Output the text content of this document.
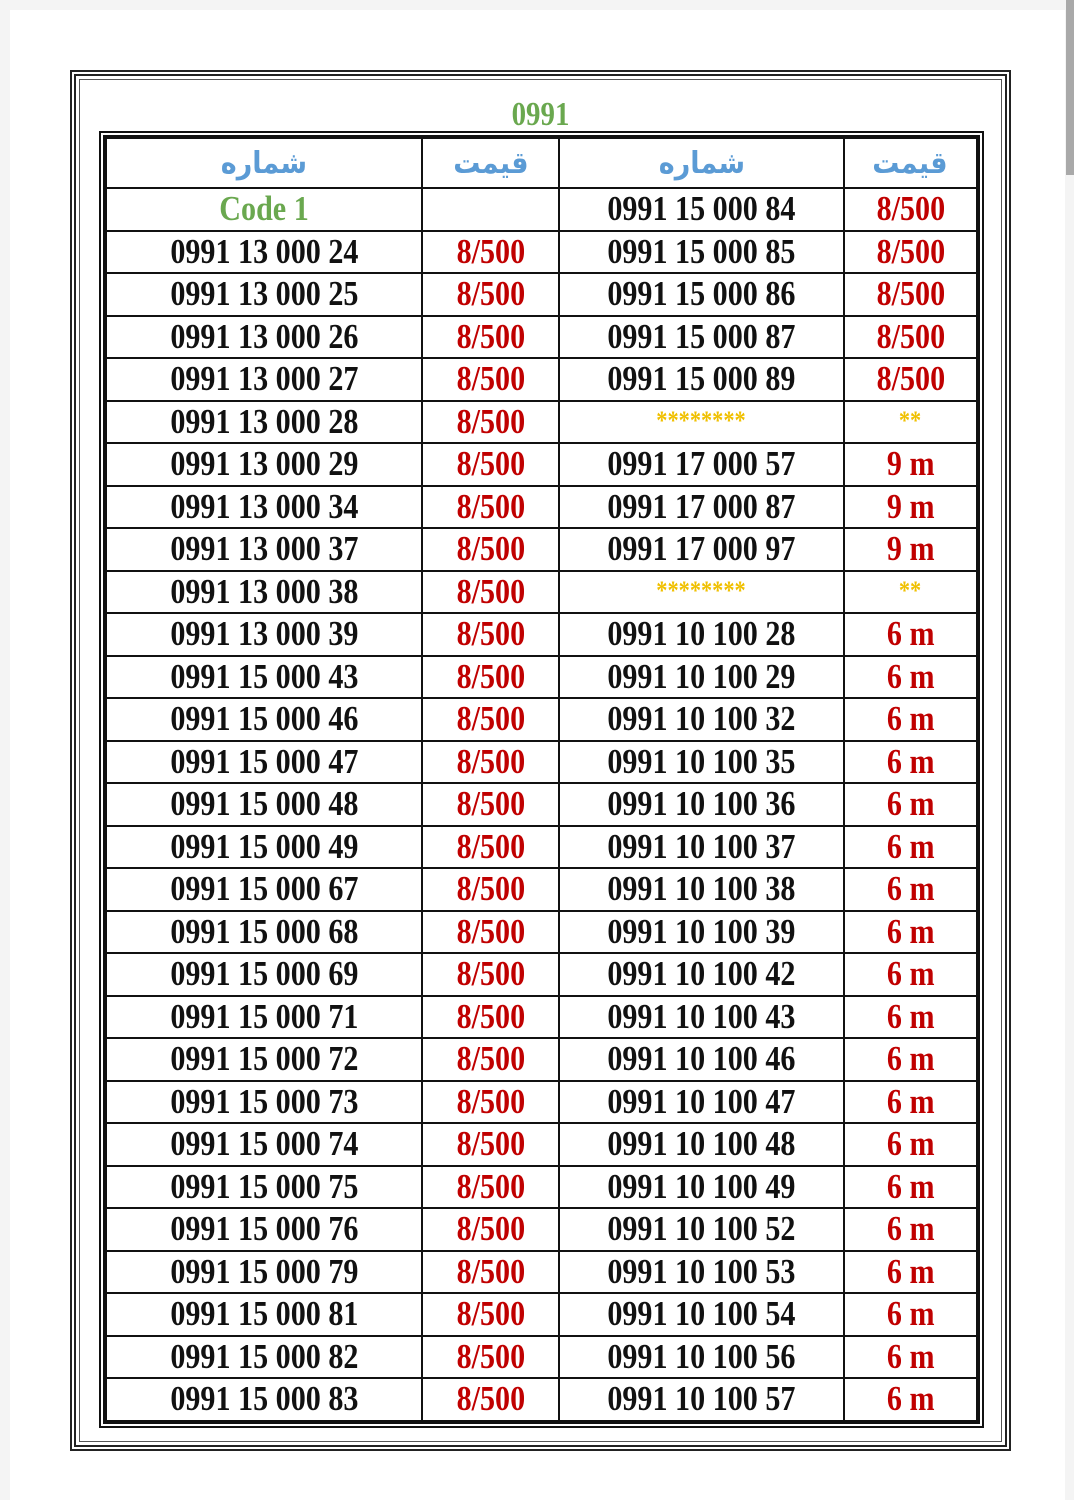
0991
شماره	قيمت	شماره	قيمت
Code 1		0991 15 000 84	8/500
0991 13 000 24	8/500	0991 15 000 85	8/500
0991 13 000 25	8/500	0991 15 000 86	8/500
0991 13 000 26	8/500	0991 15 000 87	8/500
0991 13 000 27	8/500	0991 15 000 89	8/500
0991 13 000 28	8/500	********	**
0991 13 000 29	8/500	0991 17 000 57	9 m
0991 13 000 34	8/500	0991 17 000 87	9 m
0991 13 000 37	8/500	0991 17 000 97	9 m
0991 13 000 38	8/500	********	**
0991 13 000 39	8/500	0991 10 100 28	6 m
0991 15 000 43	8/500	0991 10 100 29	6 m
0991 15 000 46	8/500	0991 10 100 32	6 m
0991 15 000 47	8/500	0991 10 100 35	6 m
0991 15 000 48	8/500	0991 10 100 36	6 m
0991 15 000 49	8/500	0991 10 100 37	6 m
0991 15 000 67	8/500	0991 10 100 38	6 m
0991 15 000 68	8/500	0991 10 100 39	6 m
0991 15 000 69	8/500	0991 10 100 42	6 m
0991 15 000 71	8/500	0991 10 100 43	6 m
0991 15 000 72	8/500	0991 10 100 46	6 m
0991 15 000 73	8/500	0991 10 100 47	6 m
0991 15 000 74	8/500	0991 10 100 48	6 m
0991 15 000 75	8/500	0991 10 100 49	6 m
0991 15 000 76	8/500	0991 10 100 52	6 m
0991 15 000 79	8/500	0991 10 100 53	6 m
0991 15 000 81	8/500	0991 10 100 54	6 m
0991 15 000 82	8/500	0991 10 100 56	6 m
0991 15 000 83	8/500	0991 10 100 57	6 m
